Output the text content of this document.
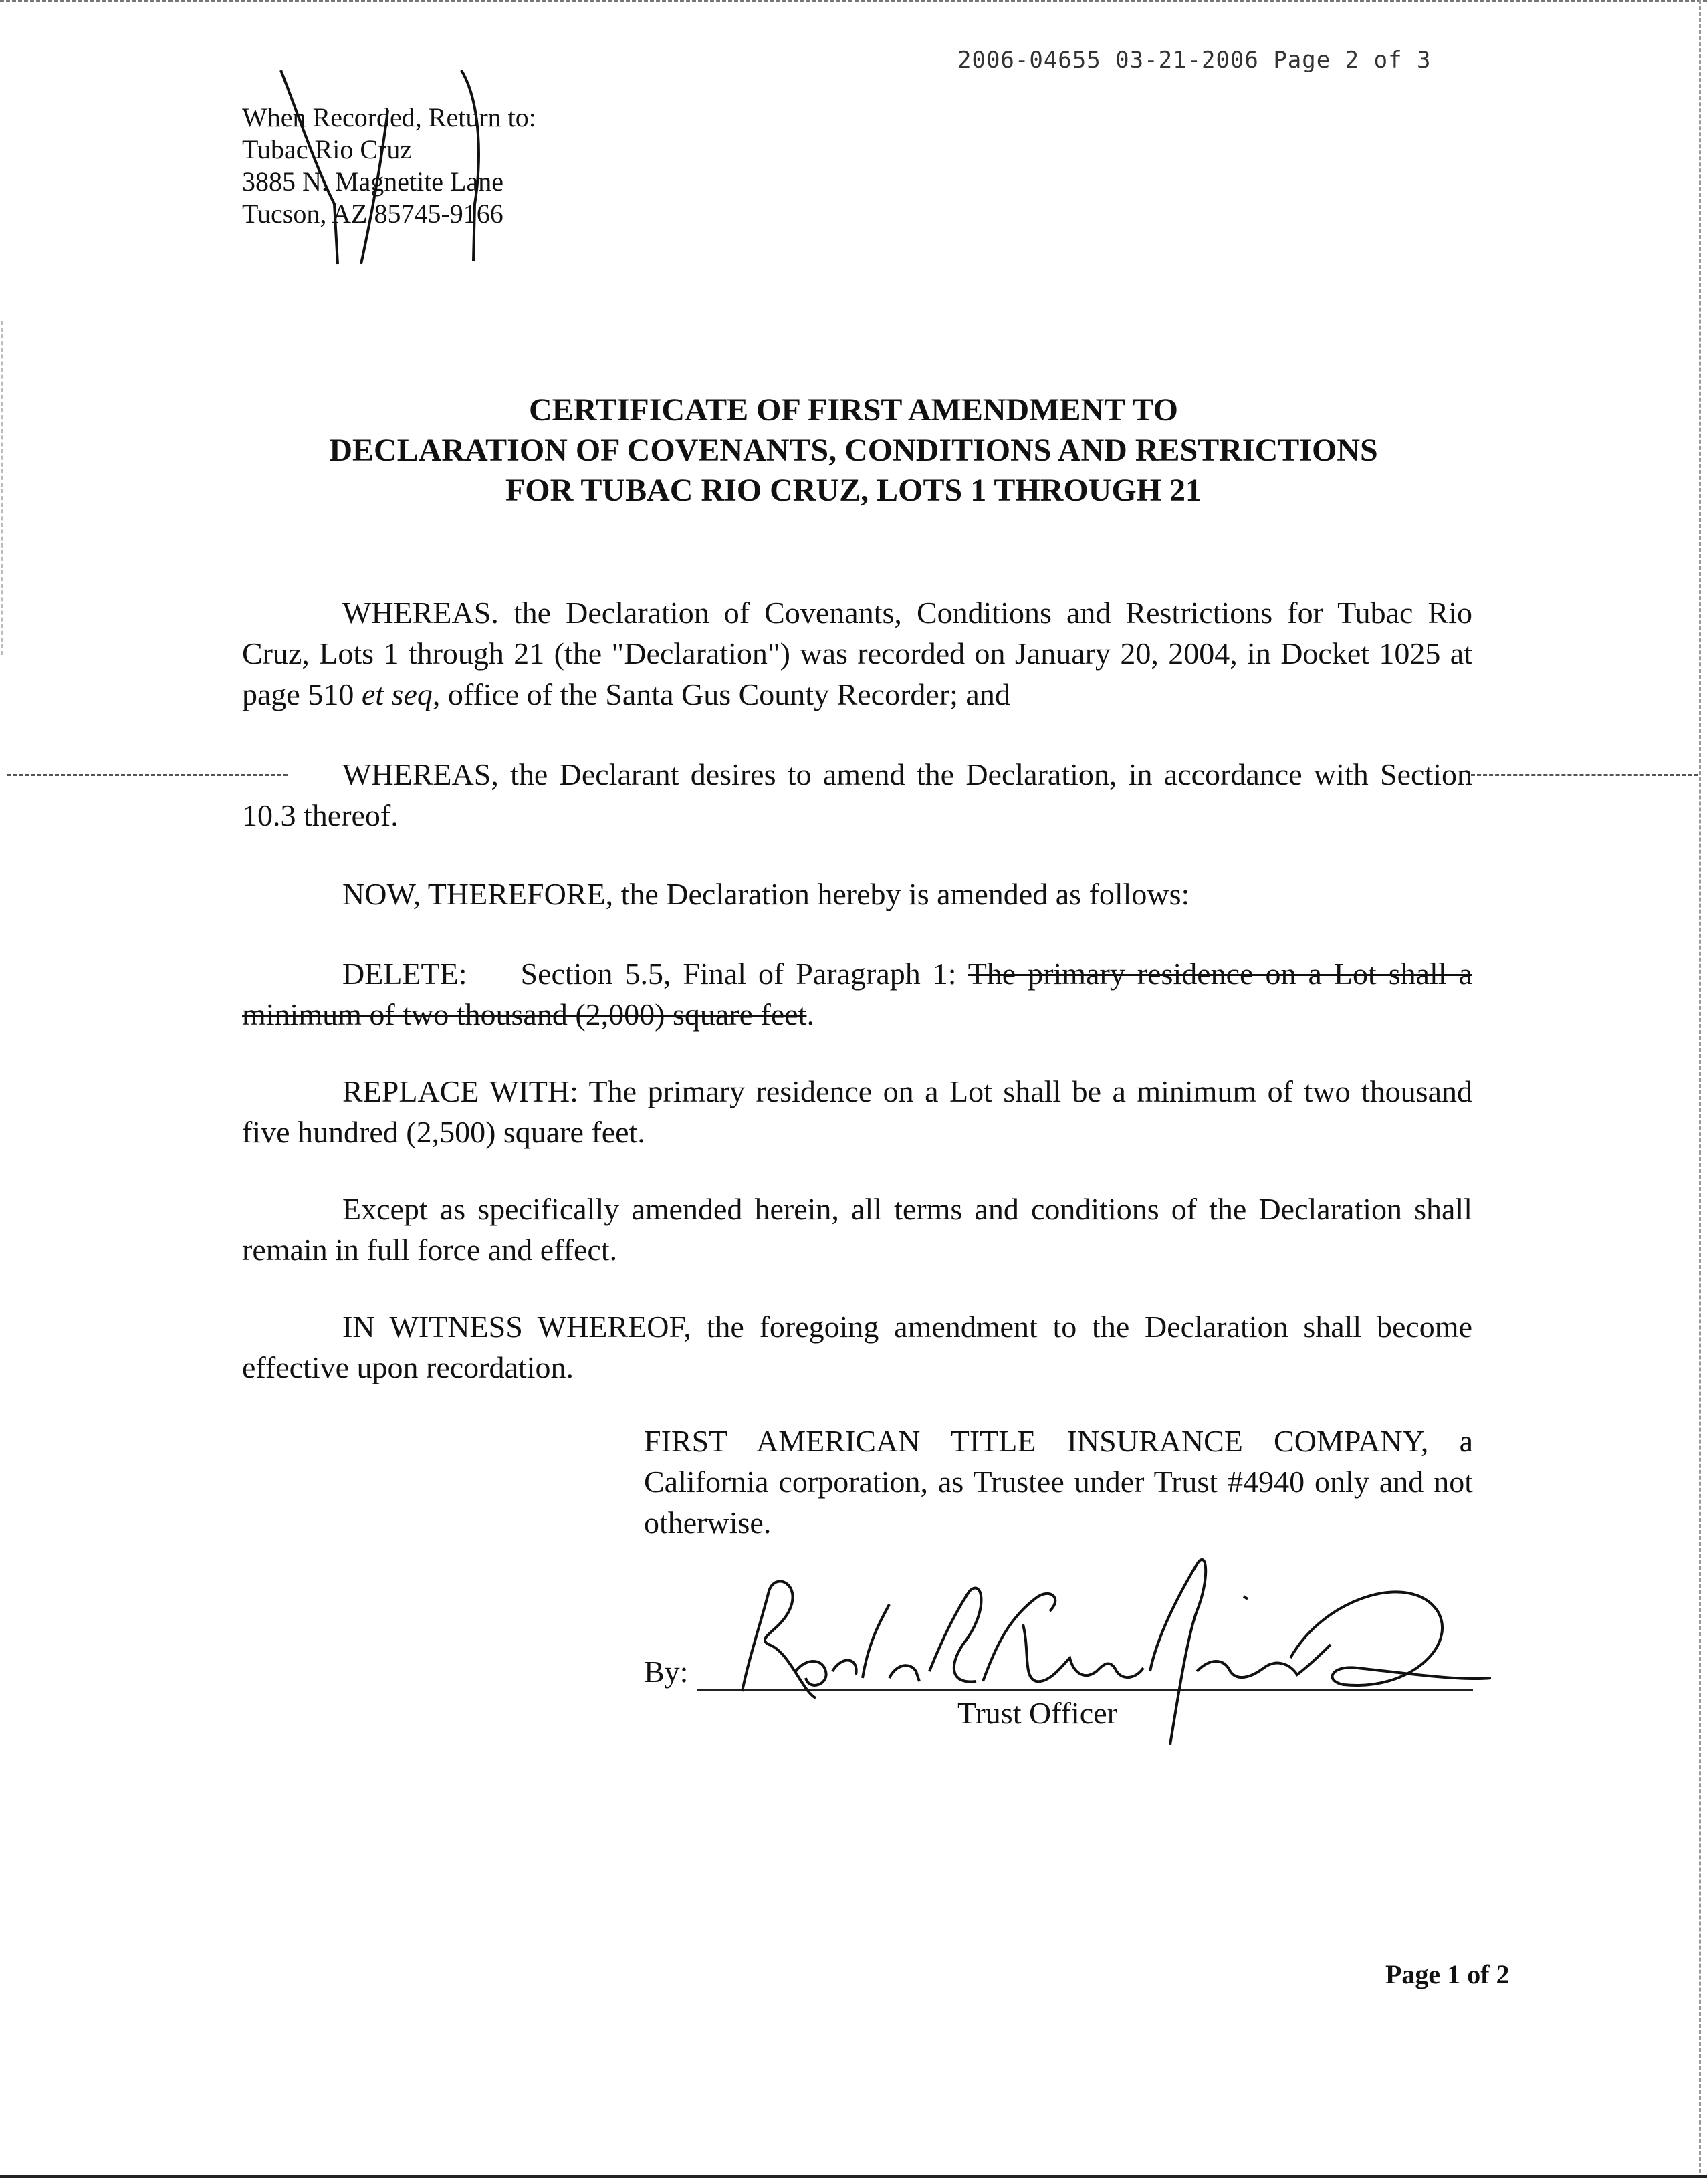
2006-04655 03-21-2006 Page 2 of 3
When Recorded, Return to:
Tubac Rio Cruz
3885 N. Magnetite Lane
Tucson, AZ 85745-9166
CERTIFICATE OF FIRST AMENDMENT TO
DECLARATION OF COVENANTS, CONDITIONS AND RESTRICTIONS
FOR TUBAC RIO CRUZ, LOTS 1 THROUGH 21
WHEREAS. the Declaration of Covenants, Conditions and Restrictions for Tubac Rio Cruz, Lots 1 through 21 (the "Declaration") was recorded on January 20, 2004, in Docket 1025 at page 510 et seq, office of the Santa Gus County Recorder; and
WHEREAS, the Declarant desires to amend the Declaration, in accordance with Section 10.3 thereof.
NOW, THEREFORE, the Declaration hereby is amended as follows:
DELETE: Section 5.5, Final of Paragraph 1: The primary residence on a Lot shall a minimum of two thousand (2,000) square feet.
REPLACE WITH: The primary residence on a Lot shall be a minimum of two thousand five hundred (2,500) square feet.
Except as specifically amended herein, all terms and conditions of the Declaration shall remain in full force and effect.
IN WITNESS WHEREOF, the foregoing amendment to the Declaration shall become effective upon recordation.
FIRST AMERICAN TITLE INSURANCE COMPANY, a California corporation, as Trustee under Trust #4940 only and not otherwise.
By:
Trust Officer
Page 1 of 2
